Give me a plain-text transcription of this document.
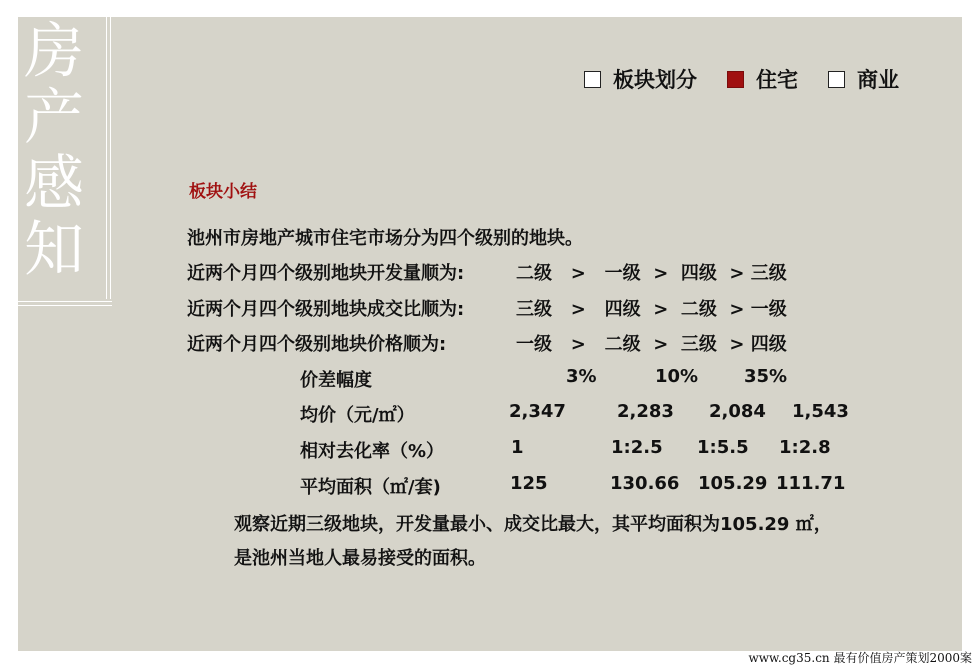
房
产
感
知
板块划分	住宅	商业
板块小结
池州市房地产城市住宅市场分为四个级别的地块。
近两个月四个级别地块开发量顺为:	二级   >   一级  >  四级  > 三级
近两个月四个级别地块成交比顺为:	三级   >   四级  >  二级  > 一级
近两个月四个级别地块价格顺为:	一级   >   二级  >  三级  > 四级
价差幅度	3%	10%	35%
均价（元/㎡）	2,347	2,283 2,084 1,543
相对去化率（%）	1	1:2.5 1:5.5 1:2.8
平均面积（㎡/套)	125	130.66 105.29 111.71
观察近期三级地块，开发量最小、成交比最大，其平均面积为105.29 ㎡，
是池州当地人最易接受的面积。
www.cg35.cn 最有价值房产策划2000案
